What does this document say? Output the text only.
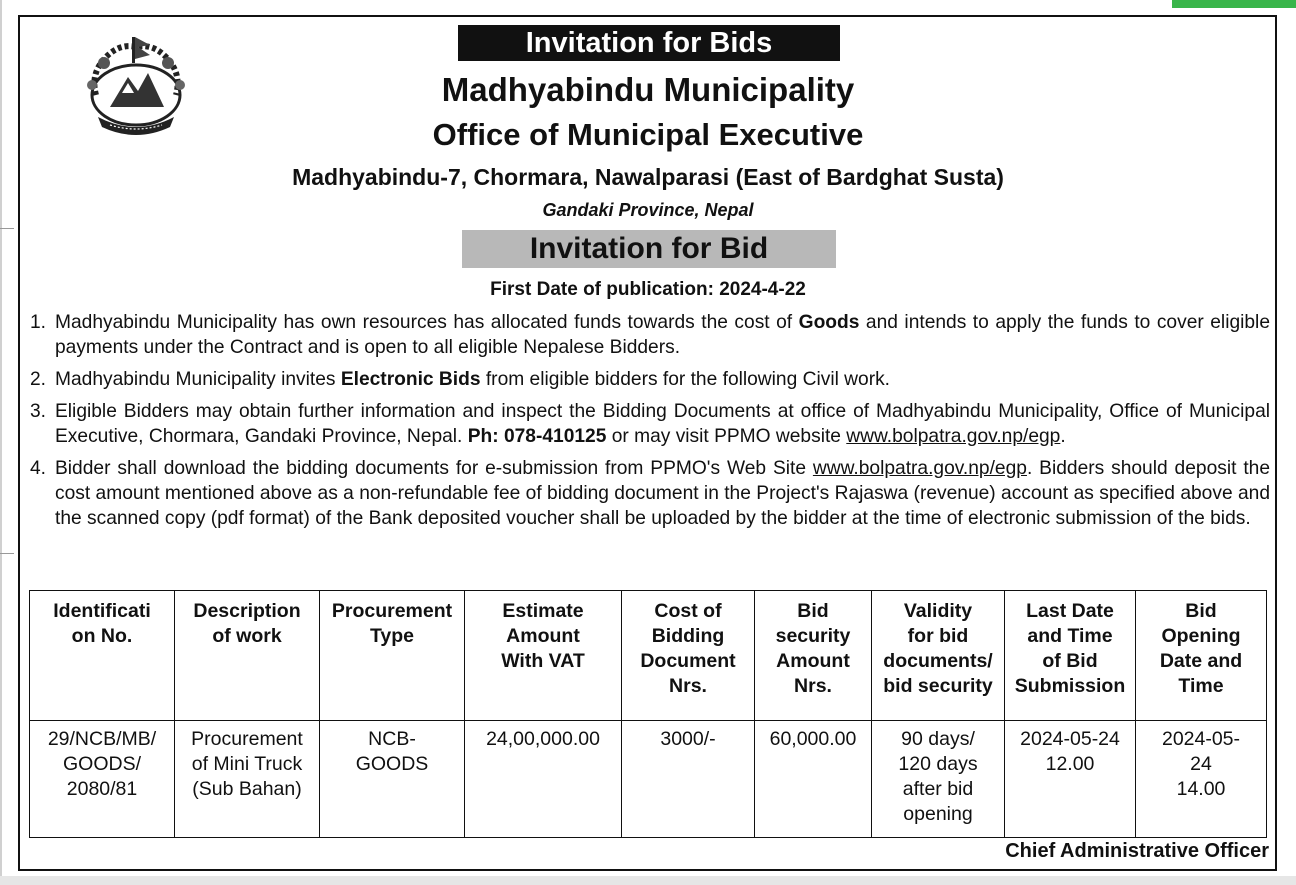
Invitation for Bids
Madhyabindu Municipality
Office of Municipal Executive
Madhyabindu-7, Chormara, Nawalparasi (East of Bardghat Susta)
Gandaki Province, Nepal
Invitation for Bid
First Date of publication: 2024-4-22
1. Madhyabindu Municipality has own resources has allocated funds towards the cost of Goods and intends to apply the funds to cover eligible payments under the Contract and is open to all eligible Nepalese Bidders.
2. Madhyabindu Municipality invites Electronic Bids from eligible bidders for the following Civil work.
3. Eligible Bidders may obtain further information and inspect the Bidding Documents at office of Madhyabindu Municipality, Office of Municipal Executive, Chormara, Gandaki Province, Nepal. Ph: 078-410125 or may visit PPMO website www.bolpatra.gov.np/egp.
4. Bidder shall download the bidding documents for e-submission from PPMO's Web Site www.bolpatra.gov.np/egp. Bidders should deposit the cost amount mentioned above as a non-refundable fee of bidding document in the Project's Rajaswa (revenue) account as specified above and the scanned copy (pdf format) of the Bank deposited voucher shall be uploaded by the bidder at the time of electronic submission of the bids.
Identificati
on No.	Description
of work	Procurement
Type	Estimate
Amount
With VAT	Cost of
Bidding
Document
Nrs.	Bid
security
Amount
Nrs.	Validity
for bid
documents/
bid security	Last Date
and Time
of Bid
Submission	Bid
Opening
Date and
Time
29/NCB/MB/
GOODS/
2080/81	Procurement
of Mini Truck
(Sub Bahan)	NCB-
GOODS	24,00,000.00	3000/-	60,000.00	90 days/
120 days
after bid
opening	2024-05-24
12.00	2024-05-
24
14.00
Chief Administrative Officer
